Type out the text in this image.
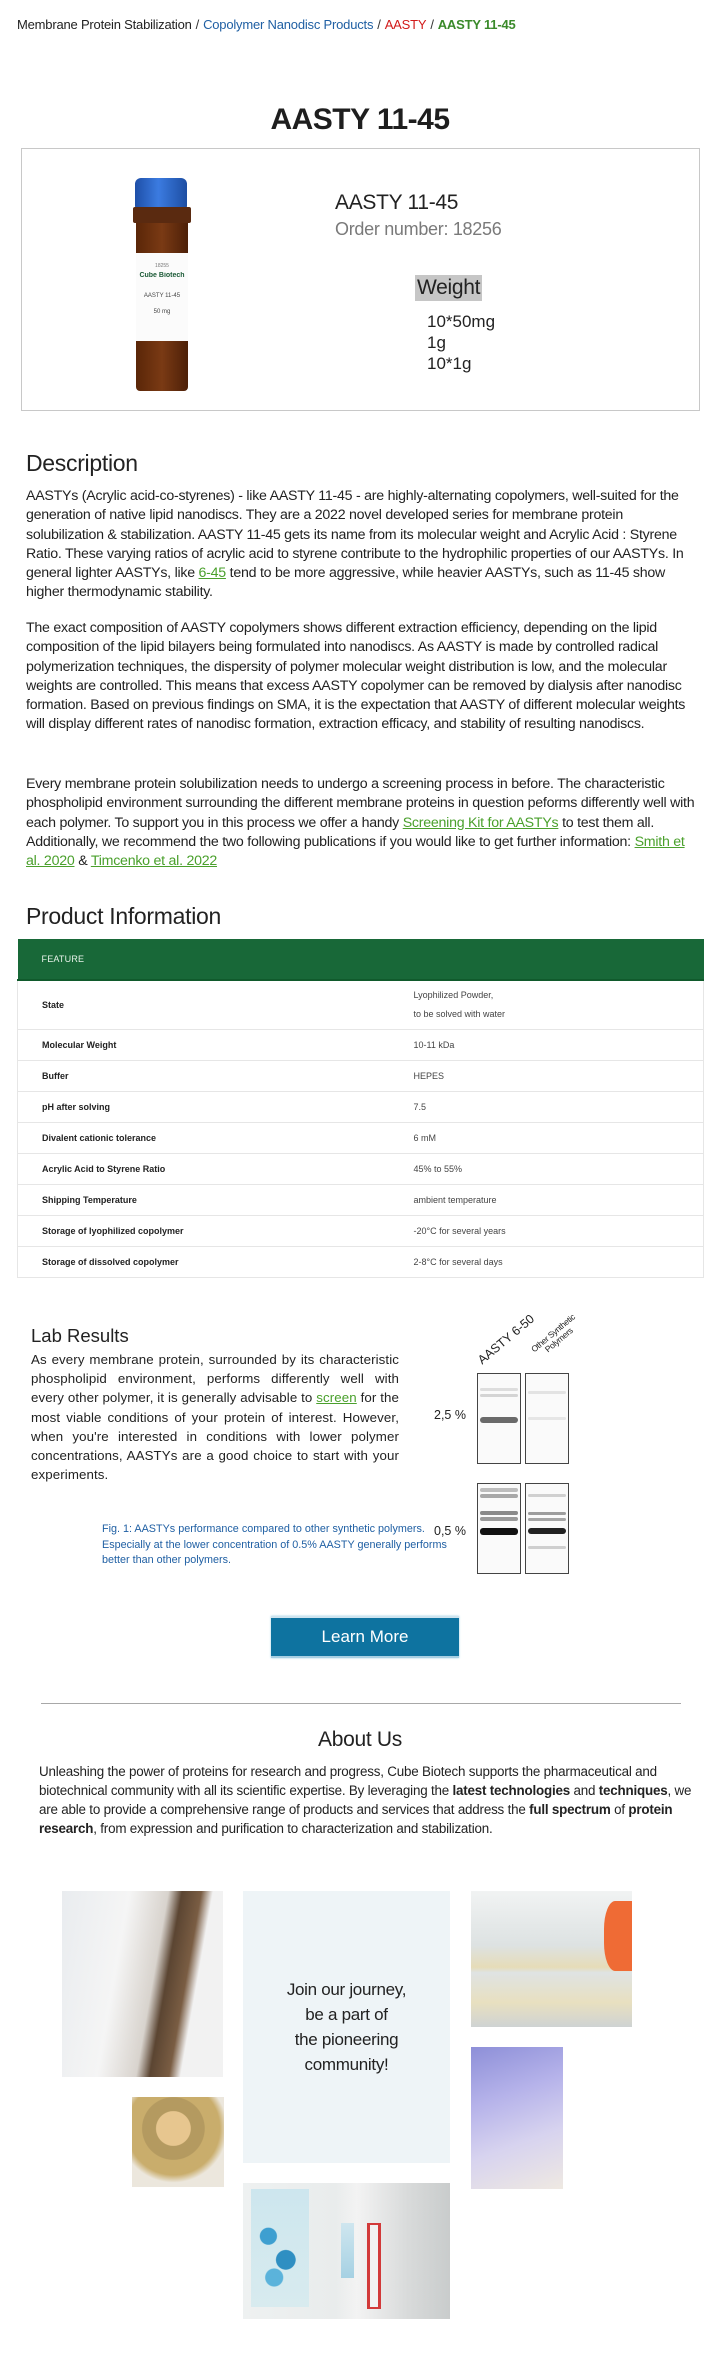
Membrane Protein Stabilization / Copolymer Nanodisc Products / AASTY / AASTY 11-45
AASTY 11-45
18255
Cube Biotech
AASTY 11-45
50 mg
AASTY 11-45
Order number: 18256
Weight
10*50mg
1g
10*1g
Description

AASTYs (Acrylic acid-co-styrenes) - like AASTY 11-45 - are highly-alternating copolymers, well-suited for the generation of native lipid nanodiscs. They are a 2022 novel developed series for membrane protein solubilization & stabilization. AASTY 11-45 gets its name from its molecular weight and Acrylic Acid : Styrene Ratio. These varying ratios of acrylic acid to styrene contribute to the hydrophilic properties of our AASTYs. In general lighter AASTYs, like 6-45 tend to be more aggressive, while heavier AASTYs, such as 11-45 show higher thermodynamic stability.

The exact composition of AASTY copolymers shows different extraction efficiency, depending on the lipid composition of the lipid bilayers being formulated into nanodiscs. As AASTY is made by controlled radical polymerization techniques, the dispersity of polymer molecular weight distribution is low, and the molecular weights are controlled. This means that excess AASTY copolymer can be removed by dialysis after nanodisc formation. Based on previous findings on SMA, it is the expectation that AASTY of different molecular weights will display different rates of nanodisc formation, extraction efficacy, and stability of resulting nanodiscs.

Every membrane protein solubilization needs to undergo a screening process in before. The characteristic phospholipid environment surrounding the different membrane proteins in question peforms differently well with each polymer. To support you in this process we offer a handy Screening Kit for AASTYs to test them all. Additionally, we recommend the two following publications if you would like to get further information: Smith et al. 2020 & Timcenko et al. 2022

Product Information
FEATURE	
State	Lyophilized Powder,
to be solved with water

Molecular Weight	10-11 kDa
Buffer	HEPES
pH after solving	7.5
Divalent cationic tolerance	6 mM
Acrylic Acid to Styrene Ratio	45% to 55%
Shipping Temperature	ambient temperature
Storage of lyophilized copolymer	-20°C for several years
Storage of dissolved copolymer	2-8°C for several days
Lab Results

As every membrane protein, surrounded by its characteristic phospholipid environment, performs differently well with every other polymer, it is generally advisable to screen for the most viable conditions of your protein of interest. However, when you're interested in conditions with lower polymer concentrations, AASTYs are a good choice to start with your experiments.

AASTY 6-50
Other Synthetic Polymers
2,5 %
0,5 %

Fig. 1: AASTYs performance compared to other synthetic polymers. Especially at the lower concentration of 0.5% AASTY generally performs better than other polymers.

Learn More
About Us

Unleashing the power of proteins for research and progress, Cube Biotech supports the pharmaceutical and biotechnical community with all its scientific expertise. By leveraging the latest technologies and techniques, we are able to provide a comprehensive range of products and services that address the full spectrum of protein research, from expression and purification to characterization and stabilization.

Join our journey,
be a part of
the pioneering
community!
